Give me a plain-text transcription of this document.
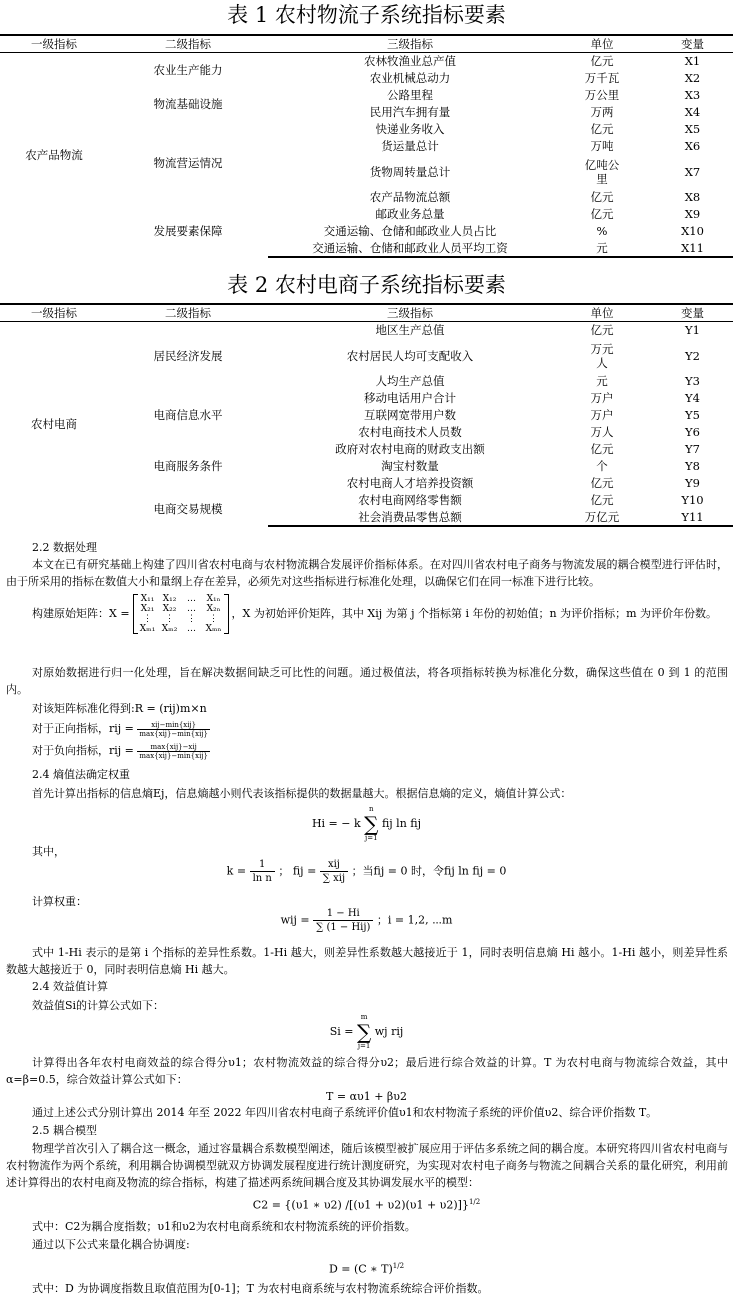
表 1 农村物流子系统指标要素
一级指标	二级指标	三级指标	单位	变量
农产品物流	农业生产能力	农林牧渔业总产值	亿元	X1
		农业机械总动力	万千瓦	X2
	物流基础设施	公路里程	万公里	X3
		民用汽车拥有量	万两	X4
	物流营运情况	快递业务收入	亿元	X5
		货运量总计	万吨	X6
		货物周转量总计	亿吨公里	X7
		农产品物流总额	亿元	X8
	发展要素保障	邮政业务总量	亿元	X9
		交通运输、仓储和邮政业人员占比	%	X10
		交通运输、仓储和邮政业人员平均工资	元	X11
表 2 农村电商子系统指标要素
一级指标	二级指标	三级指标	单位	变量
农村电商	居民经济发展	地区生产总值	亿元	Y1
		农村居民人均可支配收入	万元人	Y2
		人均生产总值	元	Y3
	电商信息水平	移动电话用户合计	万户	Y4
		互联网宽带用户数	万户	Y5
		农村电商技术人员数	万人	Y6
	电商服务条件	政府对农村电商的财政支出额	亿元	Y7
		淘宝村数量	个	Y8
		农村电商人才培养投资额	亿元	Y9
	电商交易规模	农村电商网络零售额	亿元	Y10
		社会消费品零售总额	万亿元	Y11
2.2 数据处理
本文在已有研究基础上构建了四川省农村电商与农村物流耦合发展评价指标体系。在对四川省农村电子商务与物流发展的耦合模型进行评估时，由于所采用的指标在数值大小和量纲上存在差异，必须先对这些指标进行标准化处理，以确保它们在同一标准下进行比较。
构建原始矩阵：X =X₁₁ X₁₂ … X₁ₙ
X₂₁ X₂₂ … X₂ₙ
⋮ ⋮ ⋮ ⋮
Xₘ₁ Xₘ₂ … Xₘₙ，X 为初始评价矩阵，其中 Xij 为第 j 个指标第 i 年份的初始值；n 为评价指标；m 为评价年份数。
对原始数据进行归一化处理，旨在解决数据间缺乏可比性的问题。通过极值法，将各项指标转换为标准化分数，确保这些值在 0 到 1 的范围内。
对该矩阵标准化得到:R = (rij)m×n
对于正向指标，rij = $\frac{\text{xij−min\{xij\}}}{\text{max\{xij\}−min\{xij\}}}$
对于负向指标，rij = $\frac{\text{max\{xij\}−xij}}{\text{max\{xij\}−min\{xij\}}}$
2.4 熵值法确定权重
首先计算出指标的信息熵Ej，信息熵越小则代表该指标提供的数据量越大。根据信息熵的定义，熵值计算公式：
Hi = − k
n
∑
j=1
fij ln fij
其中，
$k = \frac{1}{\text{ln n}}$ ； fij =	xij
∑ xij
；当fij = 0 时，令fij ln fij = 0
计算权重：
wij =	1 − Hi
∑ (1 − Hij)
；i = 1,2, ⋯m
式中 1-Hi 表示的是第 i 个指标的差异性系数。1-Hi 越大，则差异性系数越大越接近于 1，同时表明信息熵 Hi 越小。1-Hi 越小，则差异性系数越大越接近于 0，同时表明信息熵 Hi 越大。
2.4 效益值计算
效益值Si的计算公式如下：
Si =
m
∑
j=1
wj rij
计算得出各年农村电商效益的综合得分υ1；农村物流效益的综合得分υ2；最后进行综合效益的计算。T 为农村电商与物流综合效益，其中α=β=0.5，综合效益计算公式如下：
T = αυ1 + βυ2
通过上述公式分别计算出 2014 年至 2022 年四川省农村电商子系统评价值υ1和农村物流子系统的评价值υ2、综合评价指数 T。
2.5 耦合模型
物理学首次引入了耦合这一概念，通过容量耦合系数模型阐述，随后该模型被扩展应用于评估多系统之间的耦合度。本研究将四川省农村电商与农村物流作为两个系统，利用耦合协调模型就双方协调发展程度进行统计测度研究，为实现对农村电子商务与物流之间耦合关系的量化研究，利用前述计算得出的农村电商及物流的综合指标，构建了描述两系统间耦合度及其协调发展水平的模型：
C2 = {(υ1 ∗ υ2) /[(υ1 + υ2)(υ1 + υ2)]}$^{1/2}$
式中：C2为耦合度指数；υ1和υ2为农村电商系统和农村物流系统的评价指数。
通过以下公式来量化耦合协调度:
D = (C ∗ T)$^{1/2}$
式中：D 为协调度指数且取值范围为[0-1]；T 为农村电商系统与农村物流系统综合评价指数。
